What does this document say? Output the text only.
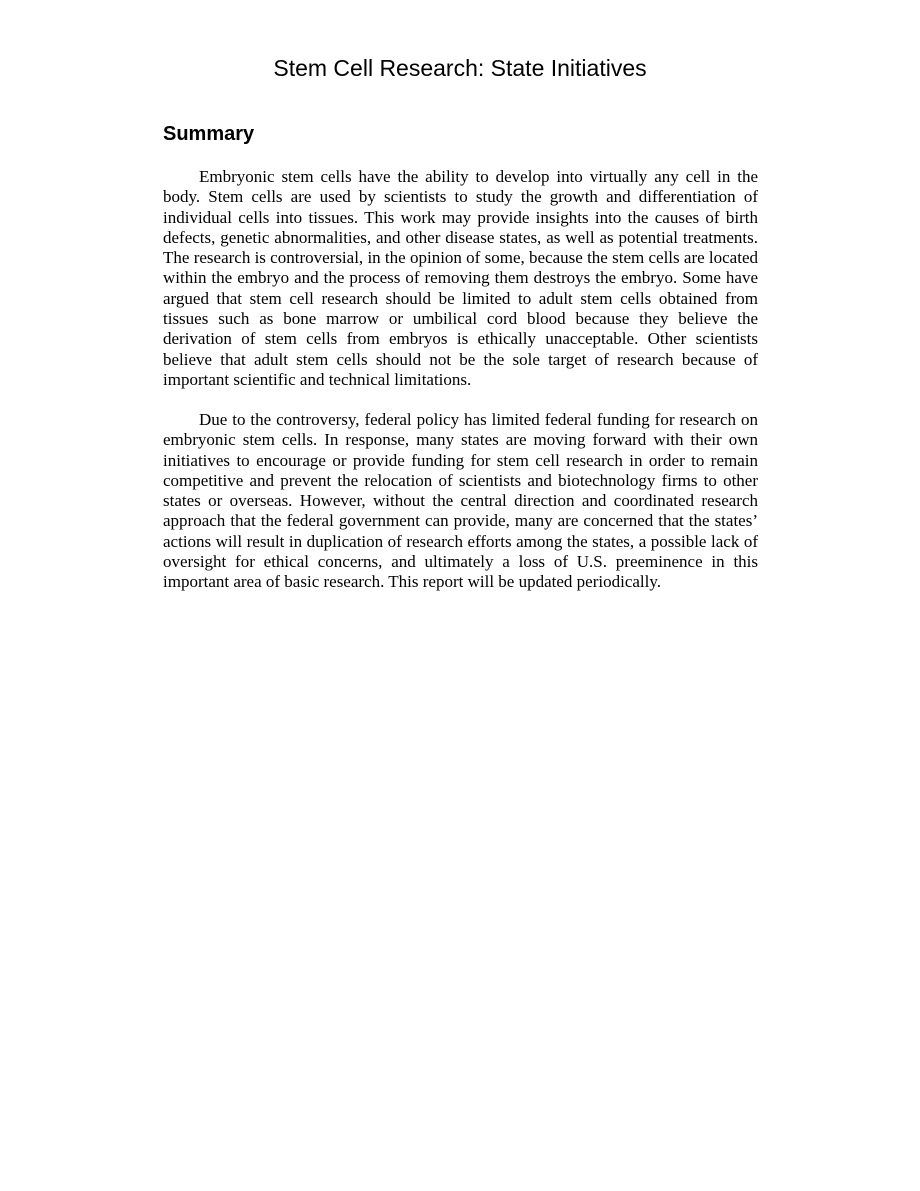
Stem Cell Research: State Initiatives
Summary

Embryonic stem cells have the ability to develop into virtually any cell in the body. Stem cells are used by scientists to study the growth and differentiation of individual cells into tissues. This work may provide insights into the causes of birth defects, genetic abnormalities, and other disease states, as well as potential treatments. The research is controversial, in the opinion of some, because the stem cells are located within the embryo and the process of removing them destroys the embryo. Some have argued that stem cell research should be limited to adult stem cells obtained from tissues such as bone marrow or umbilical cord blood because they believe the derivation of stem cells from embryos is ethically unacceptable. Other scientists believe that adult stem cells should not be the sole target of research because of important scientific and technical limitations.

Due to the controversy, federal policy has limited federal funding for research on embryonic stem cells. In response, many states are moving forward with their own initiatives to encourage or provide funding for stem cell research in order to remain competitive and prevent the relocation of scientists and biotechnology firms to other states or overseas. However, without the central direction and coordinated research approach that the federal government can provide, many are concerned that the states’ actions will result in duplication of research efforts among the states, a possible lack of oversight for ethical concerns, and ultimately a loss of U.S. preeminence in this important area of basic research. This report will be updated periodically.
